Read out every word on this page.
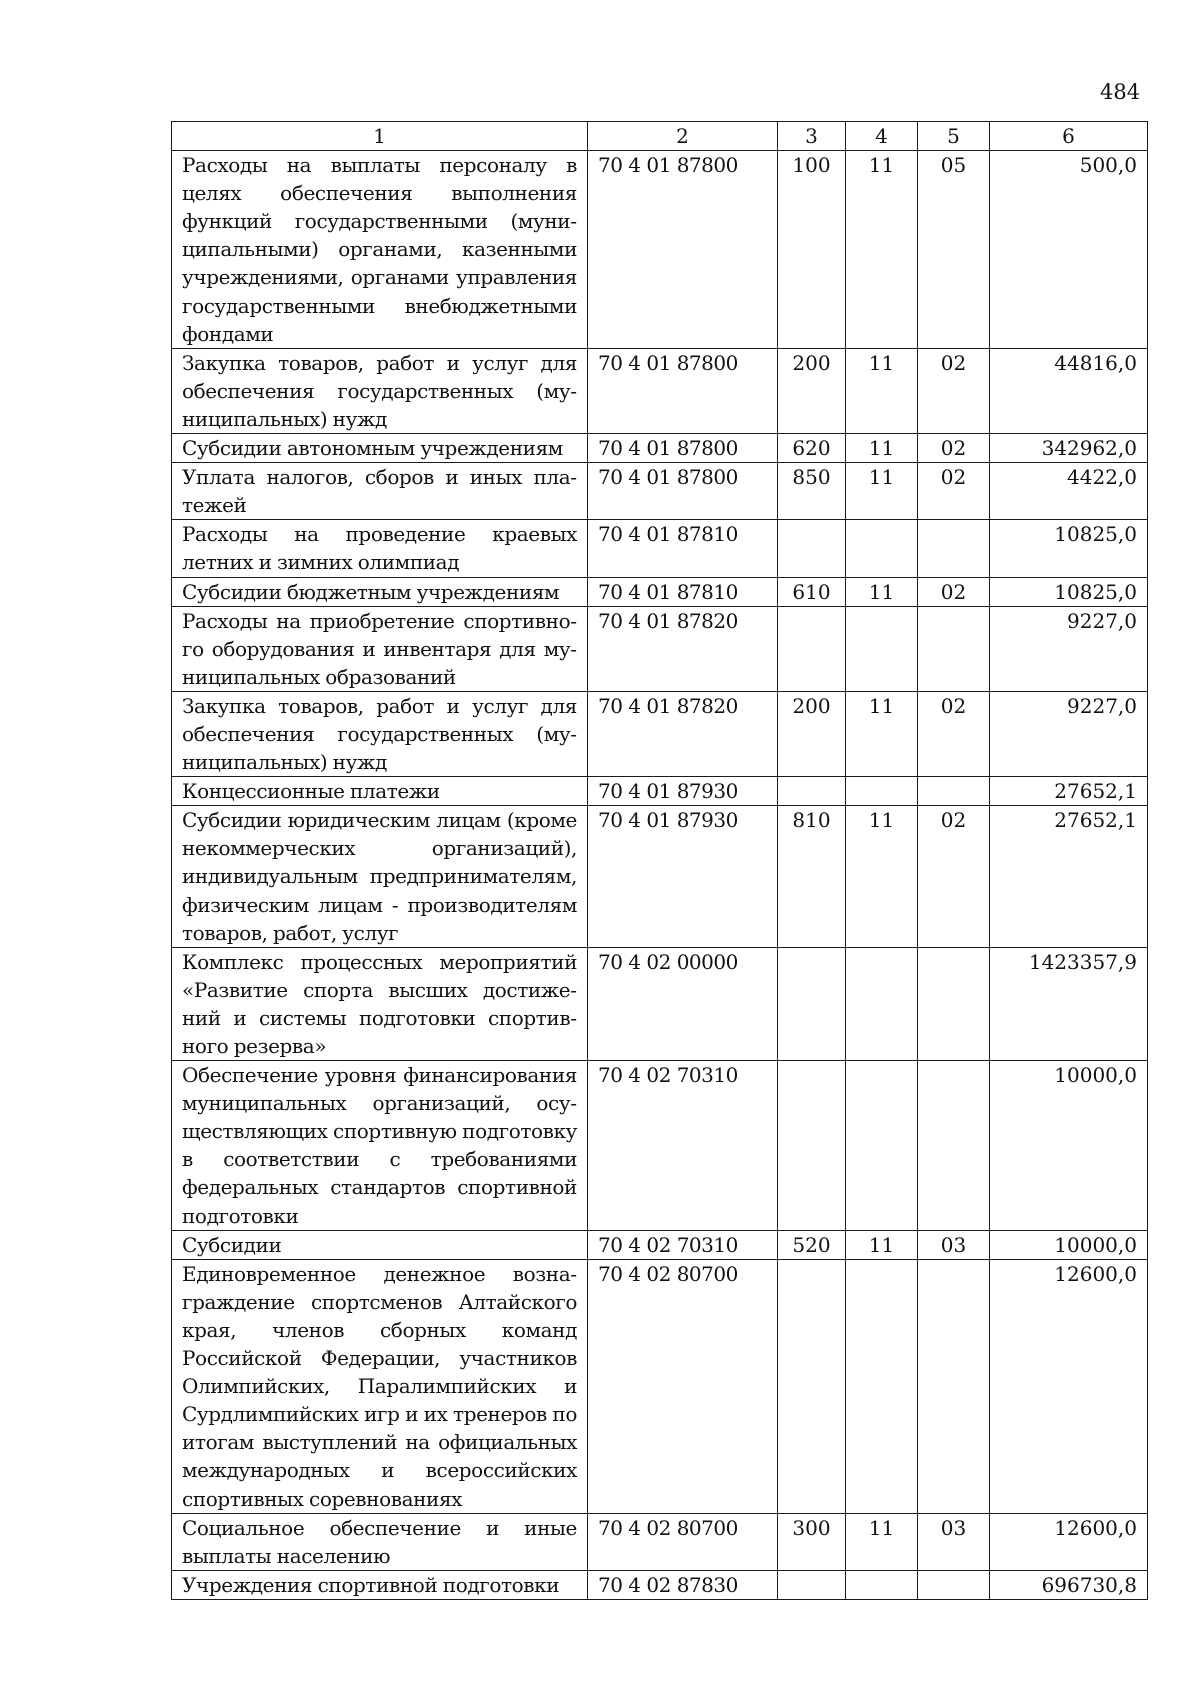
484
1	2	3	4	5	6
Расходы на выплаты персоналу в целях обеспечения выполнения функций государственными (муниципальными) органами, казенными учреждениями, органами управления государственными внебюджетными фондами	70 4 01 87800	100	11	05	500,0
Закупка товаров, работ и услуг для обеспечения государственных (муниципальных) нужд	70 4 01 87800	200	11	02	44816,0
Субсидии автономным учреждениям	70 4 01 87800	620	11	02	342962,0
Уплата налогов, сборов и иных платежей	70 4 01 87800	850	11	02	4422,0
Расходы на проведение краевых летних и зимних олимпиад	70 4 01 87810				10825,0
Субсидии бюджетным учреждениям	70 4 01 87810	610	11	02	10825,0
Расходы на приобретение спортивного оборудования и инвентаря для муниципальных образований	70 4 01 87820				9227,0
Закупка товаров, работ и услуг для обеспечения государственных (муниципальных) нужд	70 4 01 87820	200	11	02	9227,0
Концессионные платежи	70 4 01 87930				27652,1
Субсидии юридическим лицам (кроме некоммерческих организаций), индивидуальным предпринимателям, физическим лицам - производителям товаров, работ, услуг	70 4 01 87930	810	11	02	27652,1
Комплекс процессных мероприятий «Развитие спорта высших достижений и системы подготовки спортивного резерва»	70 4 02 00000				1423357,9
Обеспечение уровня финансирования муниципальных организаций, осуществляющих спортивную подготовку в соответствии с требованиями федеральных стандартов спортивной подготовки	70 4 02 70310				10000,0
Субсидии	70 4 02 70310	520	11	03	10000,0
Единовременное денежное вознаграждение спортсменов Алтайского края, членов сборных команд Российской Федерации, участников Олимпийских, Паралимпийских и Сурдлимпийских игр и их тренеров по итогам выступлений на официальных международных и всероссийских спортивных соревнованиях	70 4 02 80700				12600,0
Социальное обеспечение и иные выплаты населению	70 4 02 80700	300	11	03	12600,0
Учреждения спортивной подготовки	70 4 02 87830				696730,8
